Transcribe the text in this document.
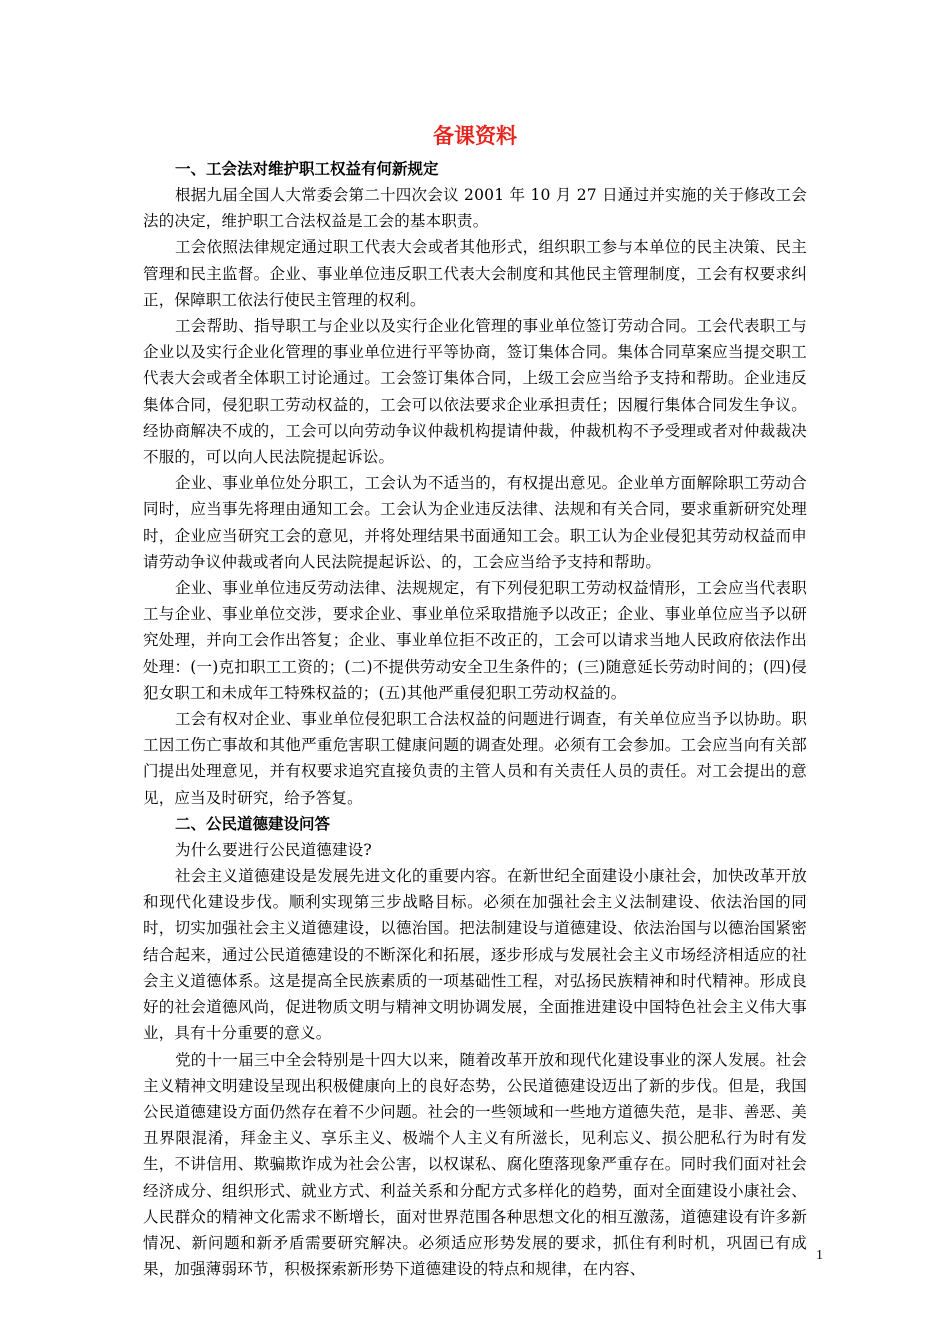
备课资料

一、工会法对维护职工权益有何新规定

根据九届全国人大常委会第二十四次会议 2001 年 10 月 27 日通过并实施的关于修改工会法的决定，维护职工合法权益是工会的基本职责。

工会依照法律规定通过职工代表大会或者其他形式，组织职工参与本单位的民主决策、民主管理和民主监督。企业、事业单位违反职工代表大会制度和其他民主管理制度，工会有权要求纠正，保障职工依法行使民主管理的权利。

工会帮助、指导职工与企业以及实行企业化管理的事业单位签订劳动合同。工会代表职工与企业以及实行企业化管理的事业单位进行平等协商，签订集体合同。集体合同草案应当提交职工代表大会或者全体职工讨论通过。工会签订集体合同，上级工会应当给予支持和帮助。企业违反集体合同，侵犯职工劳动权益的，工会可以依法要求企业承担责任；因履行集体合同发生争议。经协商解决不成的，工会可以向劳动争议仲裁机构提请仲裁，仲裁机构不予受理或者对仲裁裁决不服的，可以向人民法院提起诉讼。

企业、事业单位处分职工，工会认为不适当的，有权提出意见。企业单方面解除职工劳动合同时，应当事先将理由通知工会。工会认为企业违反法律、法规和有关合同，要求重新研究处理时，企业应当研究工会的意见，并将处理结果书面通知工会。职工认为企业侵犯其劳动权益而申请劳动争议仲裁或者向人民法院提起诉讼、的，工会应当给予支持和帮助。

企业、事业单位违反劳动法律、法规规定，有下列侵犯职工劳动权益情形，工会应当代表职工与企业、事业单位交涉，要求企业、事业单位采取措施予以改正；企业、事业单位应当予以研究处理，并向工会作出答复；企业、事业单位拒不改正的，工会可以请求当地人民政府依法作出处理：(一)克扣职工工资的；(二)不提供劳动安全卫生条件的；(三)随意延长劳动时间的；(四)侵犯女职工和未成年工特殊权益的；(五)其他严重侵犯职工劳动权益的。

工会有权对企业、事业单位侵犯职工合法权益的问题进行调查，有关单位应当予以协助。职工因工伤亡事故和其他严重危害职工健康问题的调查处理。必须有工会参加。工会应当向有关部门提出处理意见，并有权要求追究直接负责的主管人员和有关责任人员的责任。对工会提出的意见，应当及时研究，给予答复。

二、公民道德建设问答

为什么要进行公民道德建设?

社会主义道德建设是发展先进文化的重要内容。在新世纪全面建设小康社会，加快改革开放和现代化建设步伐。顺利实现第三步战略目标。必须在加强社会主义法制建设、依法治国的同时，切实加强社会主义道德建设，以德治国。把法制建设与道德建设、依法治国与以德治国紧密结合起来，通过公民道德建设的不断深化和拓展，逐步形成与发展社会主义市场经济相适应的社会主义道德体系。这是提高全民族素质的一项基础性工程，对弘扬民族精神和时代精神。形成良好的社会道德风尚，促进物质文明与精神文明协调发展，全面推进建设中国特色社会主义伟大事业，具有十分重要的意义。

党的十一届三中全会特别是十四大以来，随着改革开放和现代化建设事业的深人发展。社会主义精神文明建设呈现出积极健康向上的良好态势，公民道德建设迈出了新的步伐。但是，我国公民道德建设方面仍然存在着不少问题。社会的一些领域和一些地方道德失范，是非、善恶、美丑界限混淆，拜金主义、享乐主义、极端个人主义有所滋长，见利忘义、损公肥私行为时有发生，不讲信用、欺骗欺诈成为社会公害，以权谋私、腐化堕落现象严重存在。同时我们面对社会经济成分、组织形式、就业方式、利益关系和分配方式多样化的趋势，面对全面建设小康社会、人民群众的精神文化需求不断增长，面对世界范围各种思想文化的相互激荡，道德建设有许多新情况、新问题和新矛盾需要研究解决。必须适应形势发展的要求，抓住有利时机，巩固已有成果，加强薄弱环节，积极探索新形势下道德建设的特点和规律，在内容、

1
